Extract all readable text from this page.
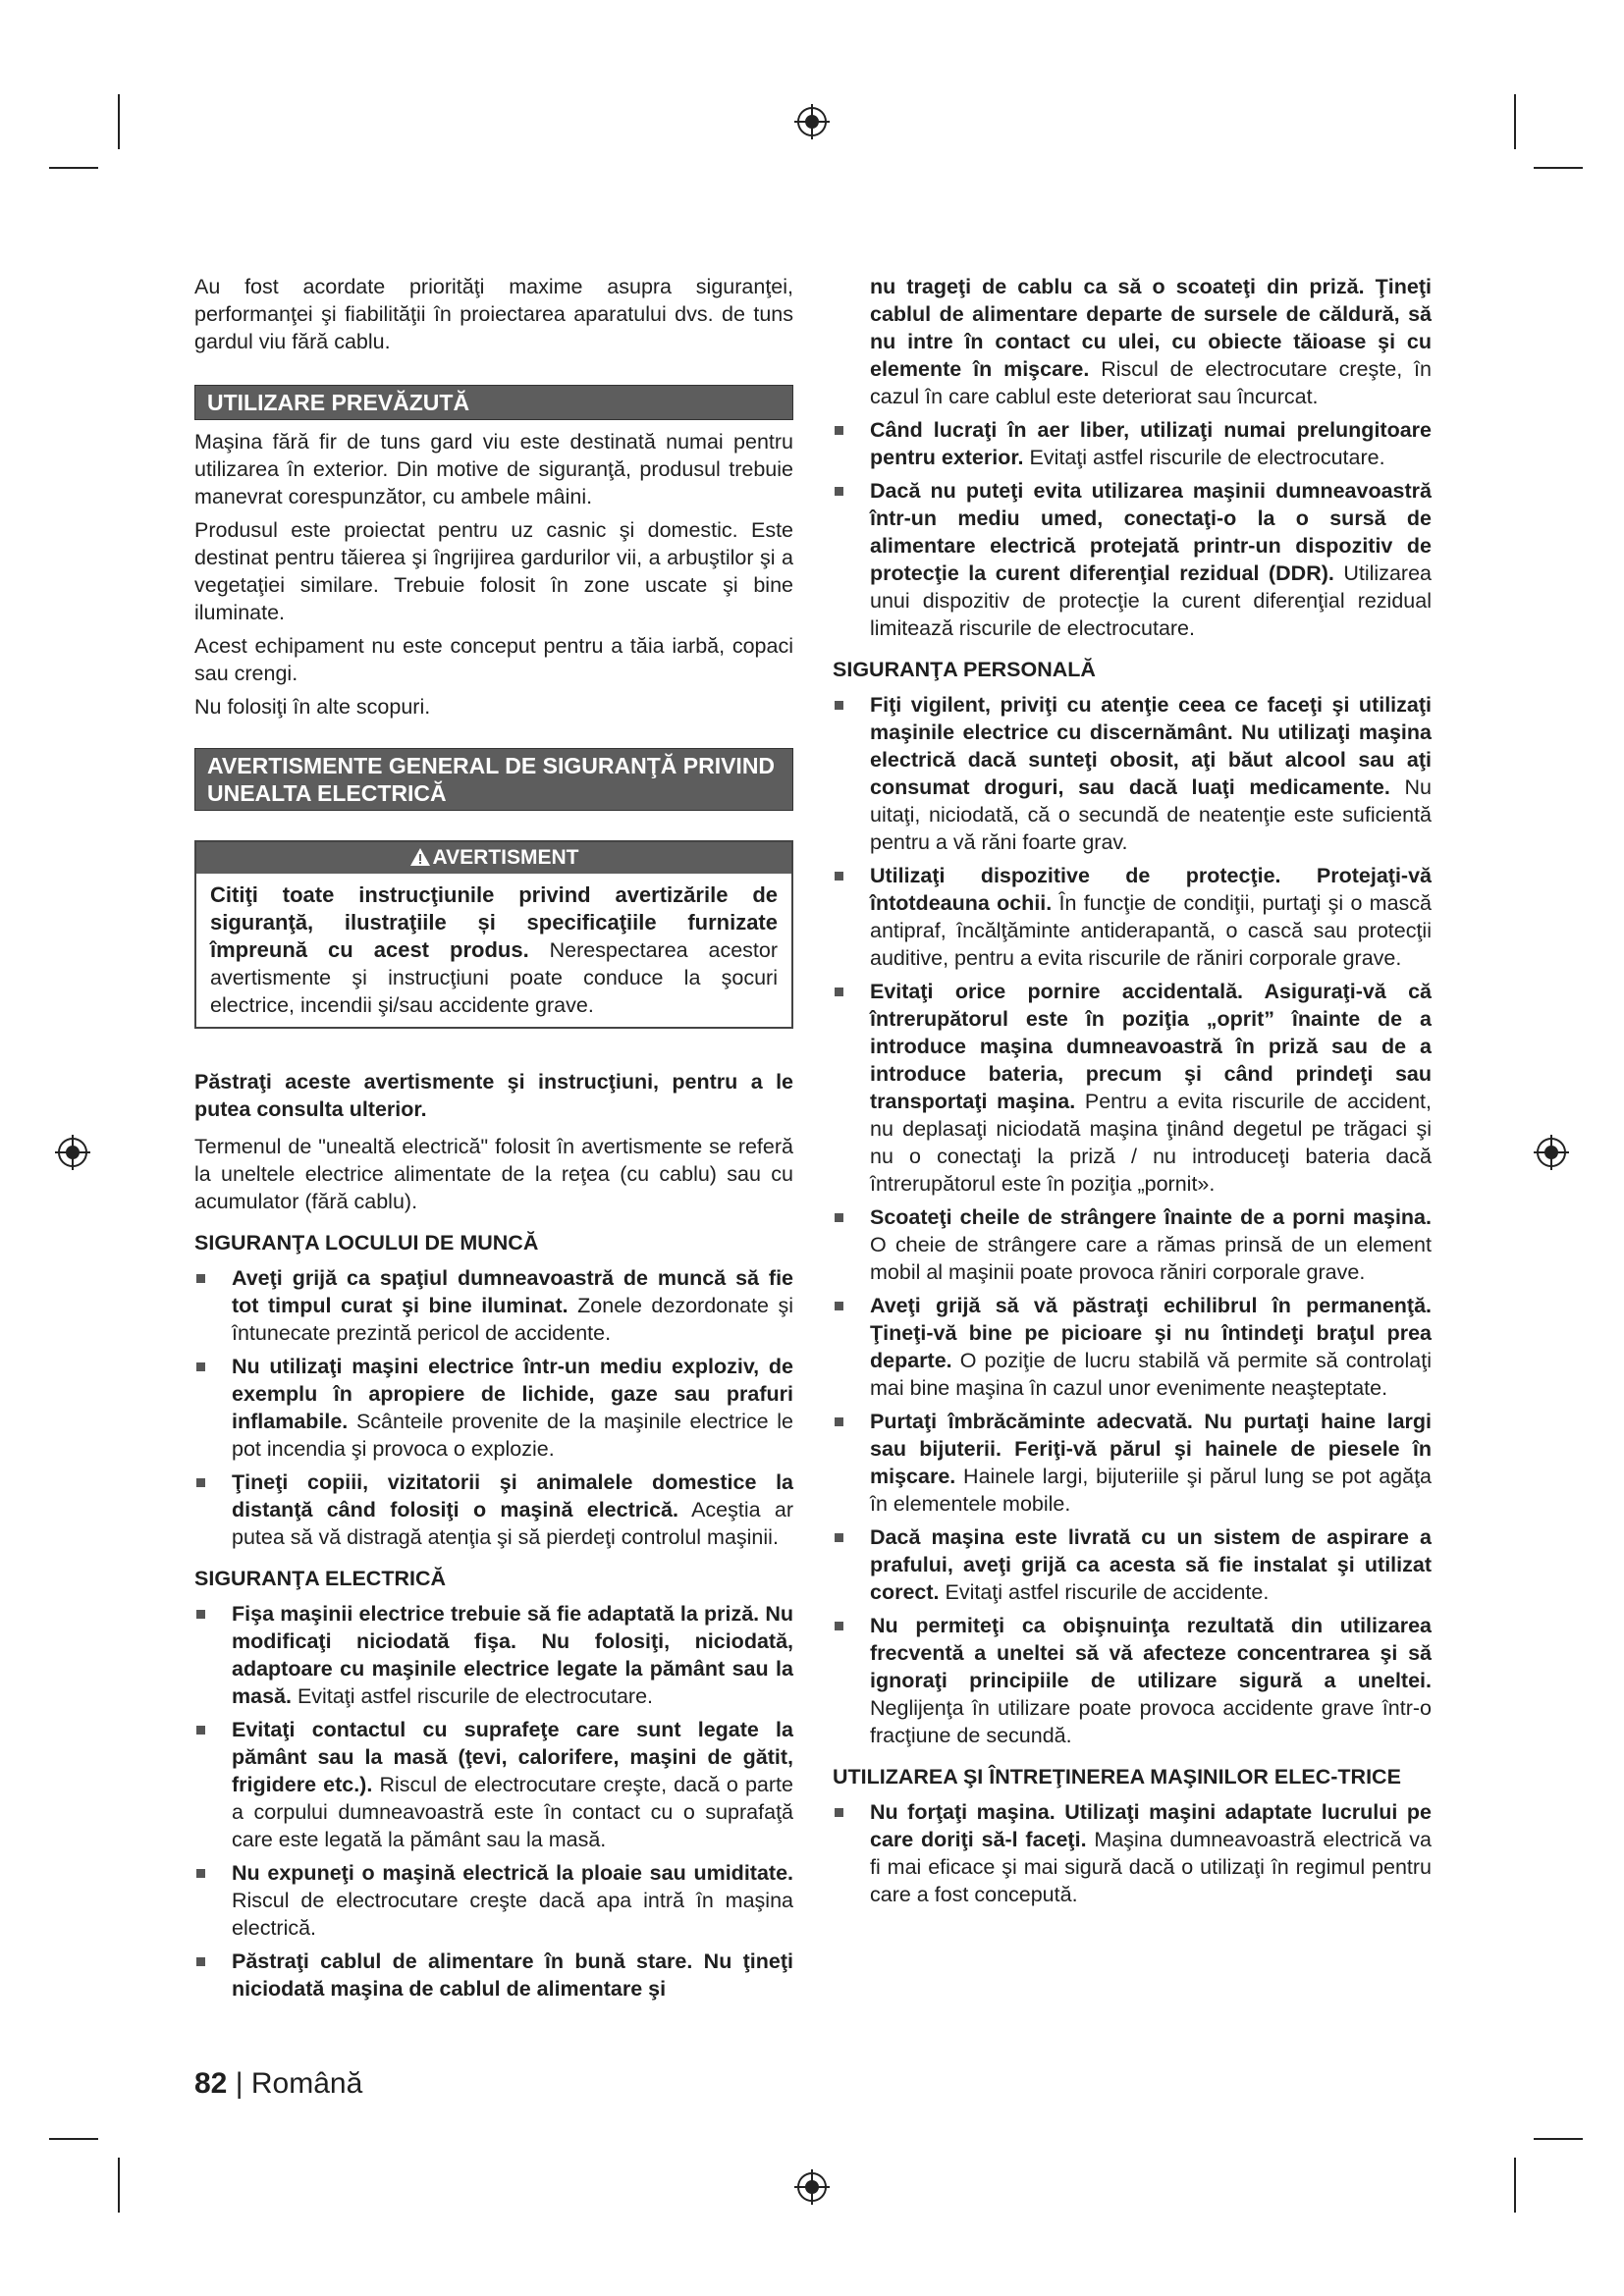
Au fost acordate priorităţi maxime asupra siguranţei, performanţei şi fiabilităţii în proiectarea aparatului dvs. de tuns gardul viu fără cablu.

UTILIZARE PREVĂZUTĂ

Maşina fără fir de tuns gard viu este destinată numai pentru utilizarea în exterior. Din motive de siguranţă, produsul trebuie manevrat corespunzător, cu ambele mâini.

Produsul este proiectat pentru uz casnic şi domestic. Este destinat pentru tăierea şi îngrijirea gardurilor vii, a arbuştilor şi a vegetaţiei similare. Trebuie folosit în zone uscate şi bine iluminate.

Acest echipament nu este conceput pentru a tăia iarbă, copaci sau crengi.

Nu folosiţi în alte scopuri.

AVERTISMENTE GENERAL DE SIGURANŢĂ PRIVIND UNEALTA ELECTRICĂ
AVERTISMENT
Citiţi toate instrucţiunile privind avertizările de siguranţă, ilustraţiile și specificaţiile furnizate împreună cu acest produs. Nerespectarea acestor avertismente şi instrucţiuni poate conduce la şocuri electrice, incendii şi/sau accidente grave.

Păstraţi aceste avertismente şi instrucţiuni, pentru a le putea consulta ulterior.

Termenul de "unealtă electrică" folosit în avertismente se referă la uneltele electrice alimentate de la reţea (cu cablu) sau cu acumulator (fără cablu).

SIGURANŢA LOCULUI DE MUNCĂ
Aveţi grijă ca spaţiul dumneavoastră de muncă să fie tot timpul curat şi bine iluminat. Zonele dezordonate şi întunecate prezintă pericol de accidente.
Nu utilizaţi maşini electrice într-un mediu exploziv, de exemplu în apropiere de lichide, gaze sau prafuri inflamabile. Scânteile provenite de la maşinile electrice le pot incendia şi provoca o explozie.
Ţineţi copiii, vizitatorii şi animalele domestice la distanţă când folosiţi o maşină electrică. Aceştia ar putea să vă distragă atenţia şi să pierdeţi controlul maşinii.
SIGURANŢA ELECTRICĂ
Fişa maşinii electrice trebuie să fie adaptată la priză. Nu modificaţi niciodată fişa. Nu folosiţi, niciodată, adaptoare cu maşinile electrice legate la pământ sau la masă. Evitaţi astfel riscurile de electrocutare.
Evitaţi contactul cu suprafeţe care sunt legate la pământ sau la masă (ţevi, calorifere, maşini de gătit, frigidere etc.). Riscul de electrocutare creşte, dacă o parte a corpului dumneavoastră este în contact cu o suprafaţă care este legată la pământ sau la masă.
Nu expuneţi o maşină electrică la ploaie sau umiditate. Riscul de electrocutare creşte dacă apa intră în maşina electrică.
Păstraţi cablul de alimentare în bună stare. Nu ţineţi niciodată maşina de cablul de alimentare şi

nu trageţi de cablu ca să o scoateţi din priză. Ţineţi cablul de alimentare departe de sursele de căldură, să nu intre în contact cu ulei, cu obiecte tăioase şi cu elemente în mişcare. Riscul de electrocutare creşte, în cazul în care cablul este deteriorat sau încurcat.

Când lucraţi în aer liber, utilizaţi numai prelungitoare pentru exterior. Evitaţi astfel riscurile de electrocutare.
Dacă nu puteţi evita utilizarea maşinii dumneavoastră într-un mediu umed, conectaţi-o la o sursă de alimentare electrică protejată printr-un dispozitiv de protecţie la curent diferenţial rezidual (DDR). Utilizarea unui dispozitiv de protecţie la curent diferenţial rezidual limitează riscurile de electrocutare.
SIGURANŢA PERSONALĂ
Fiţi vigilent, priviţi cu atenţie ceea ce faceţi şi utilizaţi maşinile electrice cu discernământ. Nu utilizaţi maşina electrică dacă sunteţi obosit, aţi băut alcool sau aţi consumat droguri, sau dacă luaţi medicamente. Nu uitaţi, niciodată, că o secundă de neatenţie este suficientă pentru a vă răni foarte grav.
Utilizaţi dispozitive de protecţie. Protejaţi-vă întotdeauna ochii. În funcţie de condiţii, purtaţi şi o mască antipraf, încălţăminte antiderapantă, o cască sau protecţii auditive, pentru a evita riscurile de răniri corporale grave.
Evitaţi orice pornire accidentală. Asiguraţi-vă că întrerupătorul este în poziţia „oprit” înainte de a introduce maşina dumneavoastră în priză sau de a introduce bateria, precum şi când prindeţi sau transportaţi maşina. Pentru a evita riscurile de accident, nu deplasaţi niciodată maşina ţinând degetul pe trăgaci şi nu o conectaţi la priză / nu introduceţi bateria dacă întrerupătorul este în poziţia „pornit».
Scoateţi cheile de strângere înainte de a porni maşina. O cheie de strângere care a rămas prinsă de un element mobil al maşinii poate provoca răniri corporale grave.
Aveţi grijă să vă păstraţi echilibrul în permanenţă. Ţineţi-vă bine pe picioare şi nu întindeţi braţul prea departe. O poziţie de lucru stabilă vă permite să controlaţi mai bine maşina în cazul unor evenimente neaşteptate.
Purtaţi îmbrăcăminte adecvată. Nu purtaţi haine largi sau bijuterii. Feriţi-vă părul şi hainele de piesele în mişcare. Hainele largi, bijuteriile şi părul lung se pot agăţa în elementele mobile.
Dacă maşina este livrată cu un sistem de aspirare a prafului, aveţi grijă ca acesta să fie instalat şi utilizat corect. Evitaţi astfel riscurile de accidente.
Nu permiteţi ca obişnuinţa rezultată din utilizarea frecventă a uneltei să vă afecteze concentrarea şi să ignoraţi principiile de utilizare sigură a uneltei. Neglijenţa în utilizare poate provoca accidente grave într-o fracţiune de secundă.
UTILIZAREA ŞI ÎNTREŢINEREA MAŞINILOR ELEC-TRICE
Nu forţaţi maşina. Utilizaţi maşini adaptate lucrului pe care doriţi să-l faceţi. Maşina dumneavoastră electrică va fi mai eficace şi mai sigură dacă o utilizaţi în regimul pentru care a fost concepută.
82 | Română
